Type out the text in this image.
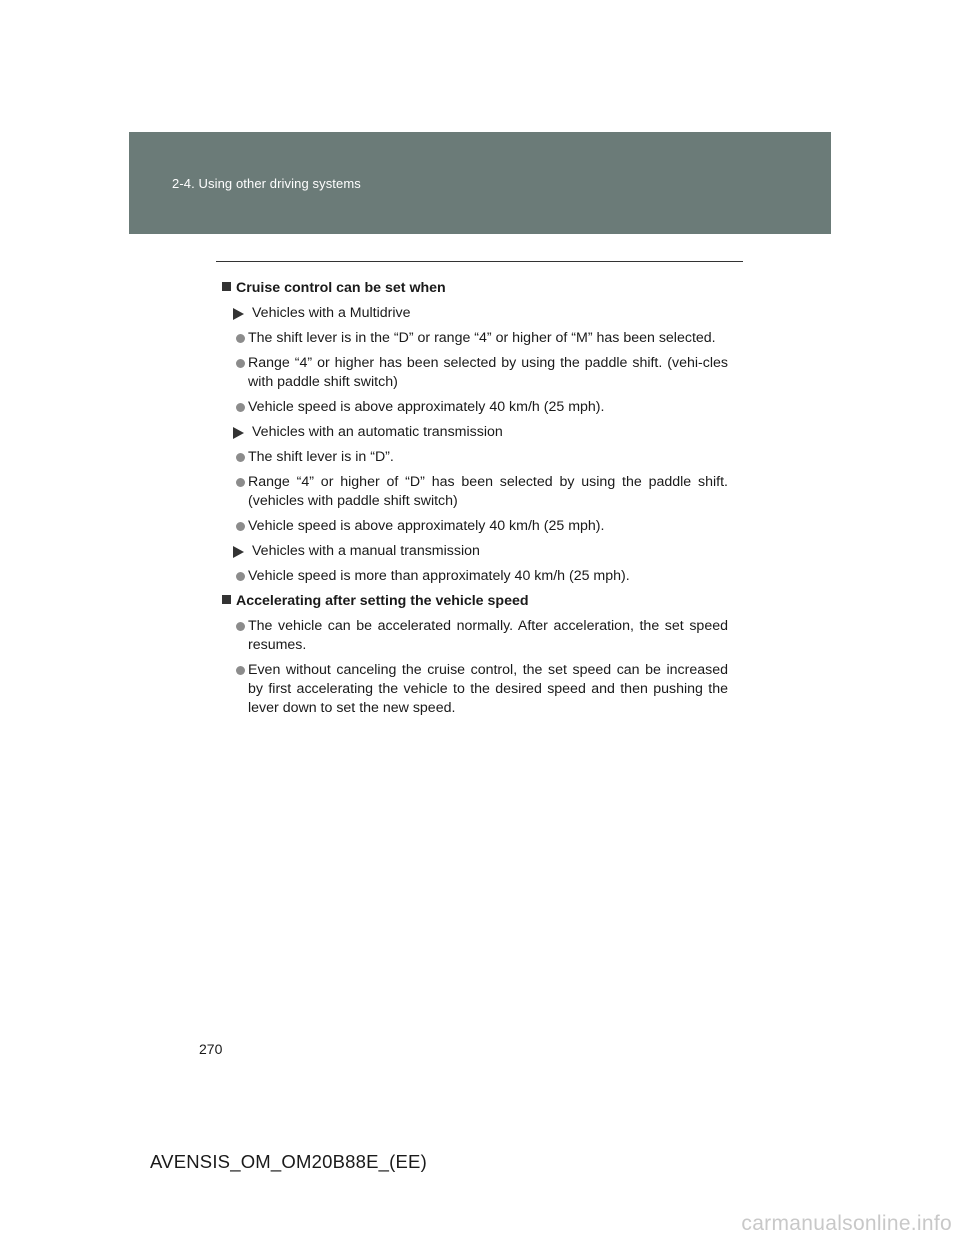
2-4. Using other driving systems
Cruise control can be set when
Vehicles with a Multidrive
The shift lever is in the “D” or range “4” or higher of “M” has been selected.
Range “4” or higher has been selected by using the paddle shift. (vehi-cles with paddle shift switch)
Vehicle speed is above approximately 40 km/h (25 mph).
Vehicles with an automatic transmission
The shift lever is in “D”.
Range “4” or higher of “D” has been selected by using the paddle shift. (vehicles with paddle shift switch)
Vehicle speed is above approximately 40 km/h (25 mph).
Vehicles with a manual transmission
Vehicle speed is more than approximately 40 km/h (25 mph).
Accelerating after setting the vehicle speed
The vehicle can be accelerated normally. After acceleration, the set speed resumes.
Even without canceling the cruise control, the set speed can be increased by first accelerating the vehicle to the desired speed and then pushing the lever down to set the new speed.
270
AVENSIS_OM_OM20B88E_(EE)
carmanualsonline.info
